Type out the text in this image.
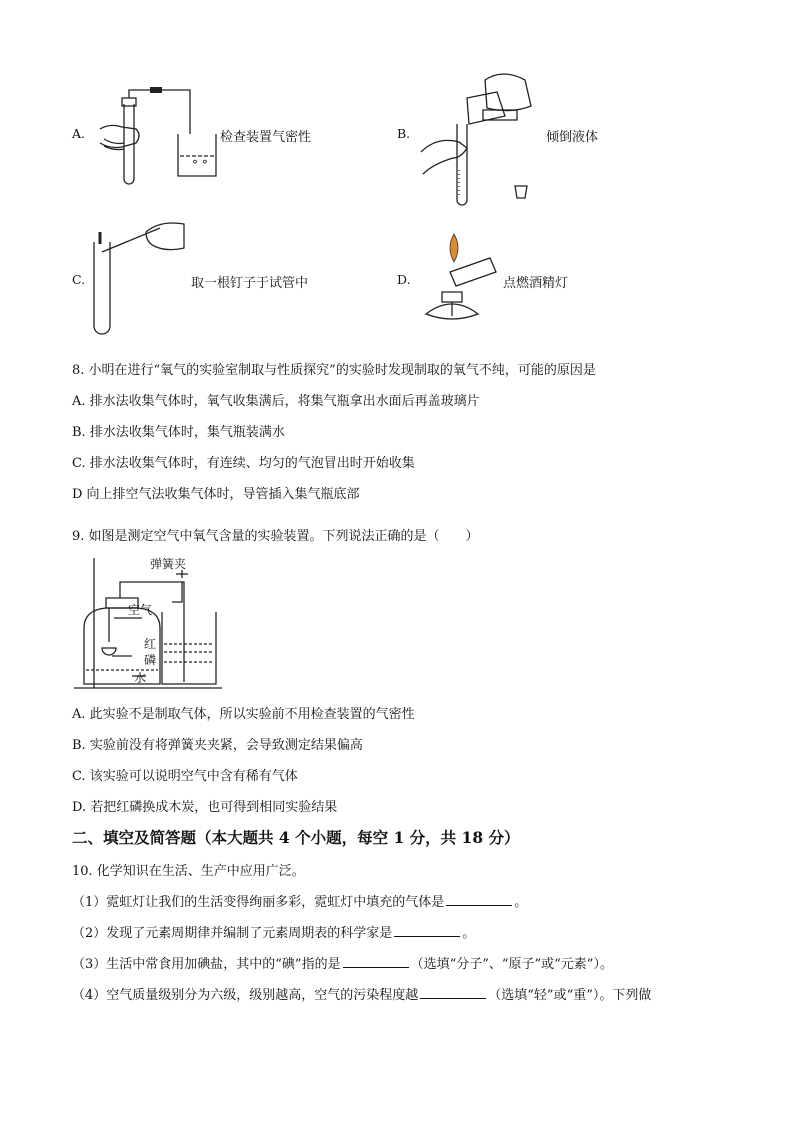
A.
° °
检查装置气密性	B.	倾倒液体
C.	取一根钉子于试管中	D.	点燃酒精灯
8. 小明在进行“氧气的实验室制取与性质探究”的实验时发现制取的氧气不纯，可能的原因是
A. 排水法收集气体时，氧气收集满后，将集气瓶拿出水面后再盖玻璃片
B. 排水法收集气体时，集气瓶装满水
C. 排水法收集气体时，有连续、均匀的气泡冒出时开始收集
D 向上排空气法收集气体时，导管插入集气瓶底部
9. 如图是测定空气中氧气含量的实验装置。下列说法正确的是（　　）
弹簧夹
空气
红
磷
水
A. 此实验不是制取气体，所以实验前不用检查装置的气密性
B. 实验前没有将弹簧夹夹紧，会导致测定结果偏高
C. 该实验可以说明空气中含有稀有气体
D. 若把红磷换成木炭，也可得到相同实验结果
二、填空及简答题（本大题共 4 个小题，每空 1 分，共 18 分）
10. 化学知识在生活、生产中应用广泛。
（1）霓虹灯让我们的生活变得绚丽多彩，霓虹灯中填充的气体是	。
（2）发现了元素周期律并编制了元素周期表的科学家是	。
（3）生活中常食用加碘盐，其中的“碘”指的是	（选填“分子”、“原子”或“元素”）。
（4）空气质量级别分为六级，级别越高，空气的污染程度越	（选填“轻”或“重”）。下列做
